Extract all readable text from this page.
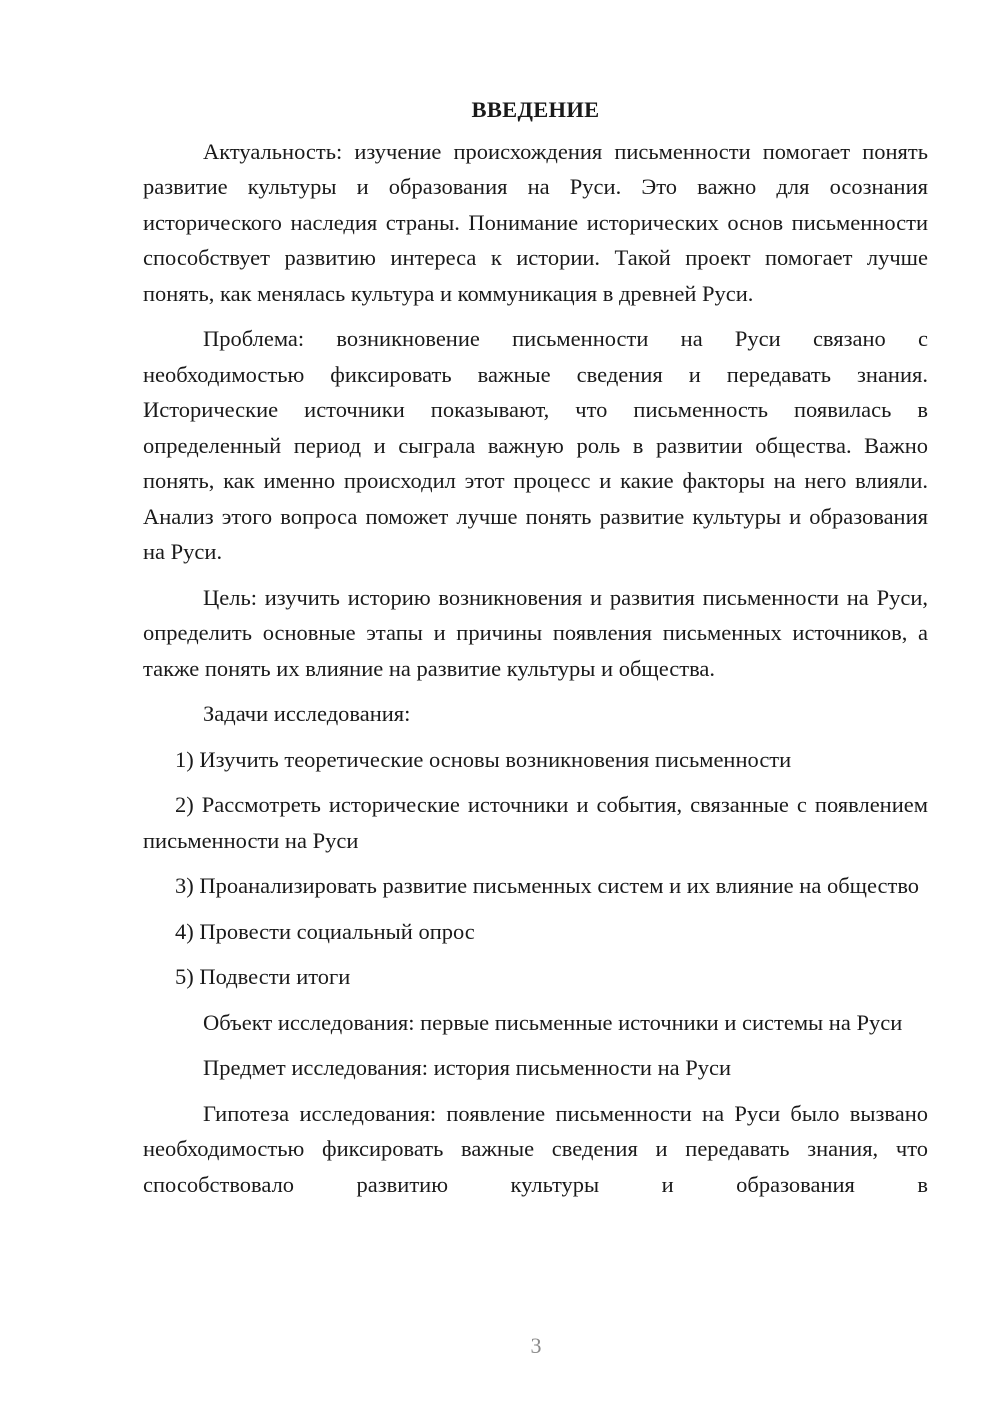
ВВЕДЕНИЕ

Актуальность: изучение происхождения письменности помогает понять развитие культуры и образования на Руси. Это важно для осознания исторического наследия страны. Понимание исторических основ письменности способствует развитию интереса к истории. Такой проект помогает лучше понять, как менялась культура и коммуникация в древней Руси.

Проблема: возникновение письменности на Руси связано с необходимостью фиксировать важные сведения и передавать знания. Исторические источники показывают, что письменность появилась в определенный период и сыграла важную роль в развитии общества. Важно понять, как именно происходил этот процесс и какие факторы на него влияли. Анализ этого вопроса поможет лучше понять развитие культуры и образования на Руси.

Цель: изучить историю возникновения и развития письменности на Руси, определить основные этапы и причины появления письменных источников, а также понять их влияние на развитие культуры и общества.

Задачи исследования:

1) Изучить теоретические основы возникновения письменности

2) Рассмотреть исторические источники и события, связанные с появлением письменности на Руси

3) Проанализировать развитие письменных систем и их влияние на общество

4) Провести социальный опрос

5) Подвести итоги

Объект исследования: первые письменные источники и системы на Руси

Предмет исследования: история письменности на Руси

Гипотеза исследования: появление письменности на Руси было вызвано необходимостью фиксировать важные сведения и передавать знания, что способствовало развитию культуры и образования в

3
